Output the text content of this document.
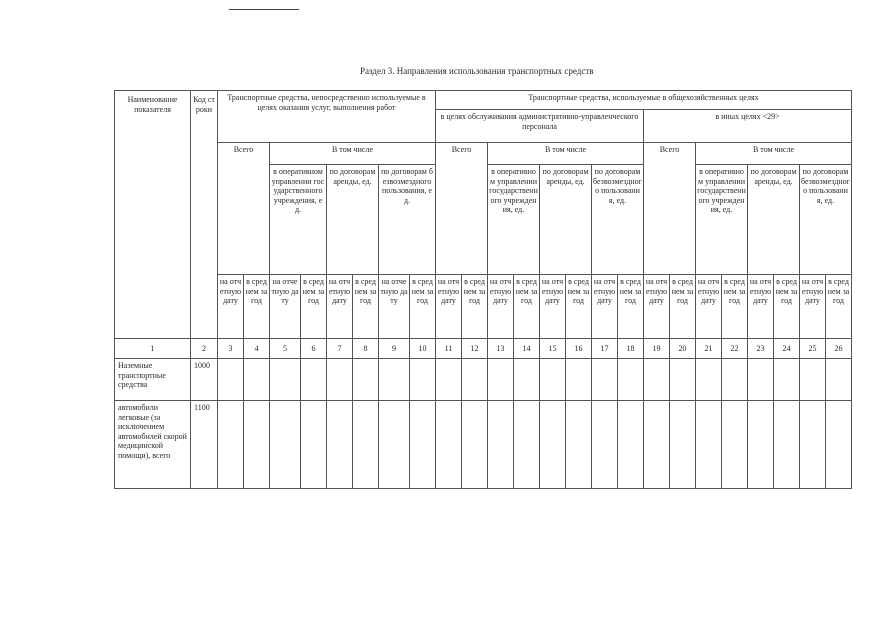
Раздел 3. Направления использования транспортных средств
Наименование показателя	Код строки	Транспортные средства, непосредственно используемые в целях оказания услуг, выполнения работ								Транспортные средства, используемые в общехозяйственных целях															
										в целях обслуживания административно-управленческого персонала								в иных целях <29>							
		Всего		В том числе						Всего		В том числе						Всего		В том числе					
				в оперативном управлении государственного учреждения, ед.		по договорам аренды, ед.		по договорам безвозмездного пользования, ед.				в оперативном управлении государственного учреждения, ед.		по договорам аренды, ед.		по договорам безвозмездного пользования, ед.				в оперативном управлении государственного учреждения, ед.		по договорам аренды, ед.		по договорам безвозмездного пользования, ед.	
		на отчетную дату	в среднем за год	на отчетную дату	в среднем за год	на отчетную дату	в среднем за год	на отчетную дату	в среднем за год	на отчетную дату	в среднем за год	на отчетную дату	в среднем за год	на отчетную дату	в среднем за год	на отчетную дату	в среднем за год	на отчетную дату	в среднем за год	на отчетную дату	в среднем за год	на отчетную дату	в среднем за год	на отчетную дату	в среднем за год
1	2	3	4	5	6	7	8	9	10	11	12	13	14	15	16	17	18	19	20	21	22	23	24	25	26
Наземные транспортные средства	1000																								
автомобили легковые (за исключением автомобилей скорой медицинской помощи), всего	1100																								
